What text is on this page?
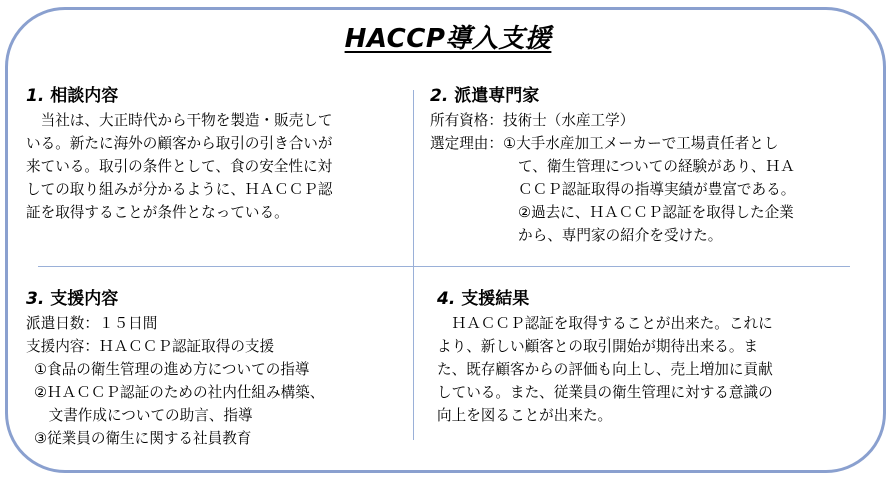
HACCP導入支援
1. 相談内容
　当社は、大正時代から干物を製造・販売して
いる。新たに海外の顧客から取引の引き合いが
来ている。取引の条件として、食の安全性に対
しての取り組みが分かるように、ＨＡＣＣＰ認
証を取得することが条件となっている。
2. 派遣専門家
所有資格：技術士（水産工学）
選定理由：①大手水産加工メーカーで工場責任者とし
て、衛生管理についての経験があり、ＨＡ
ＣＣＰ認証取得の指導実績が豊富である。
②過去に、ＨＡＣＣＰ認証を取得した企業
から、専門家の紹介を受けた。
3. 支援内容
派遣日数：１５日間
支援内容：ＨＡＣＣＰ認証取得の支援
①食品の衛生管理の進め方についての指導
②ＨＡＣＣＰ認証のための社内仕組み構築、
　文書作成についての助言、指導
③従業員の衛生に関する社員教育
4. 支援結果
　ＨＡＣＣＰ認証を取得することが出来た。これに
より、新しい顧客との取引開始が期待出来る。ま
た、既存顧客からの評価も向上し、売上増加に貢献
している。また、従業員の衛生管理に対する意識の
向上を図ることが出来た。
